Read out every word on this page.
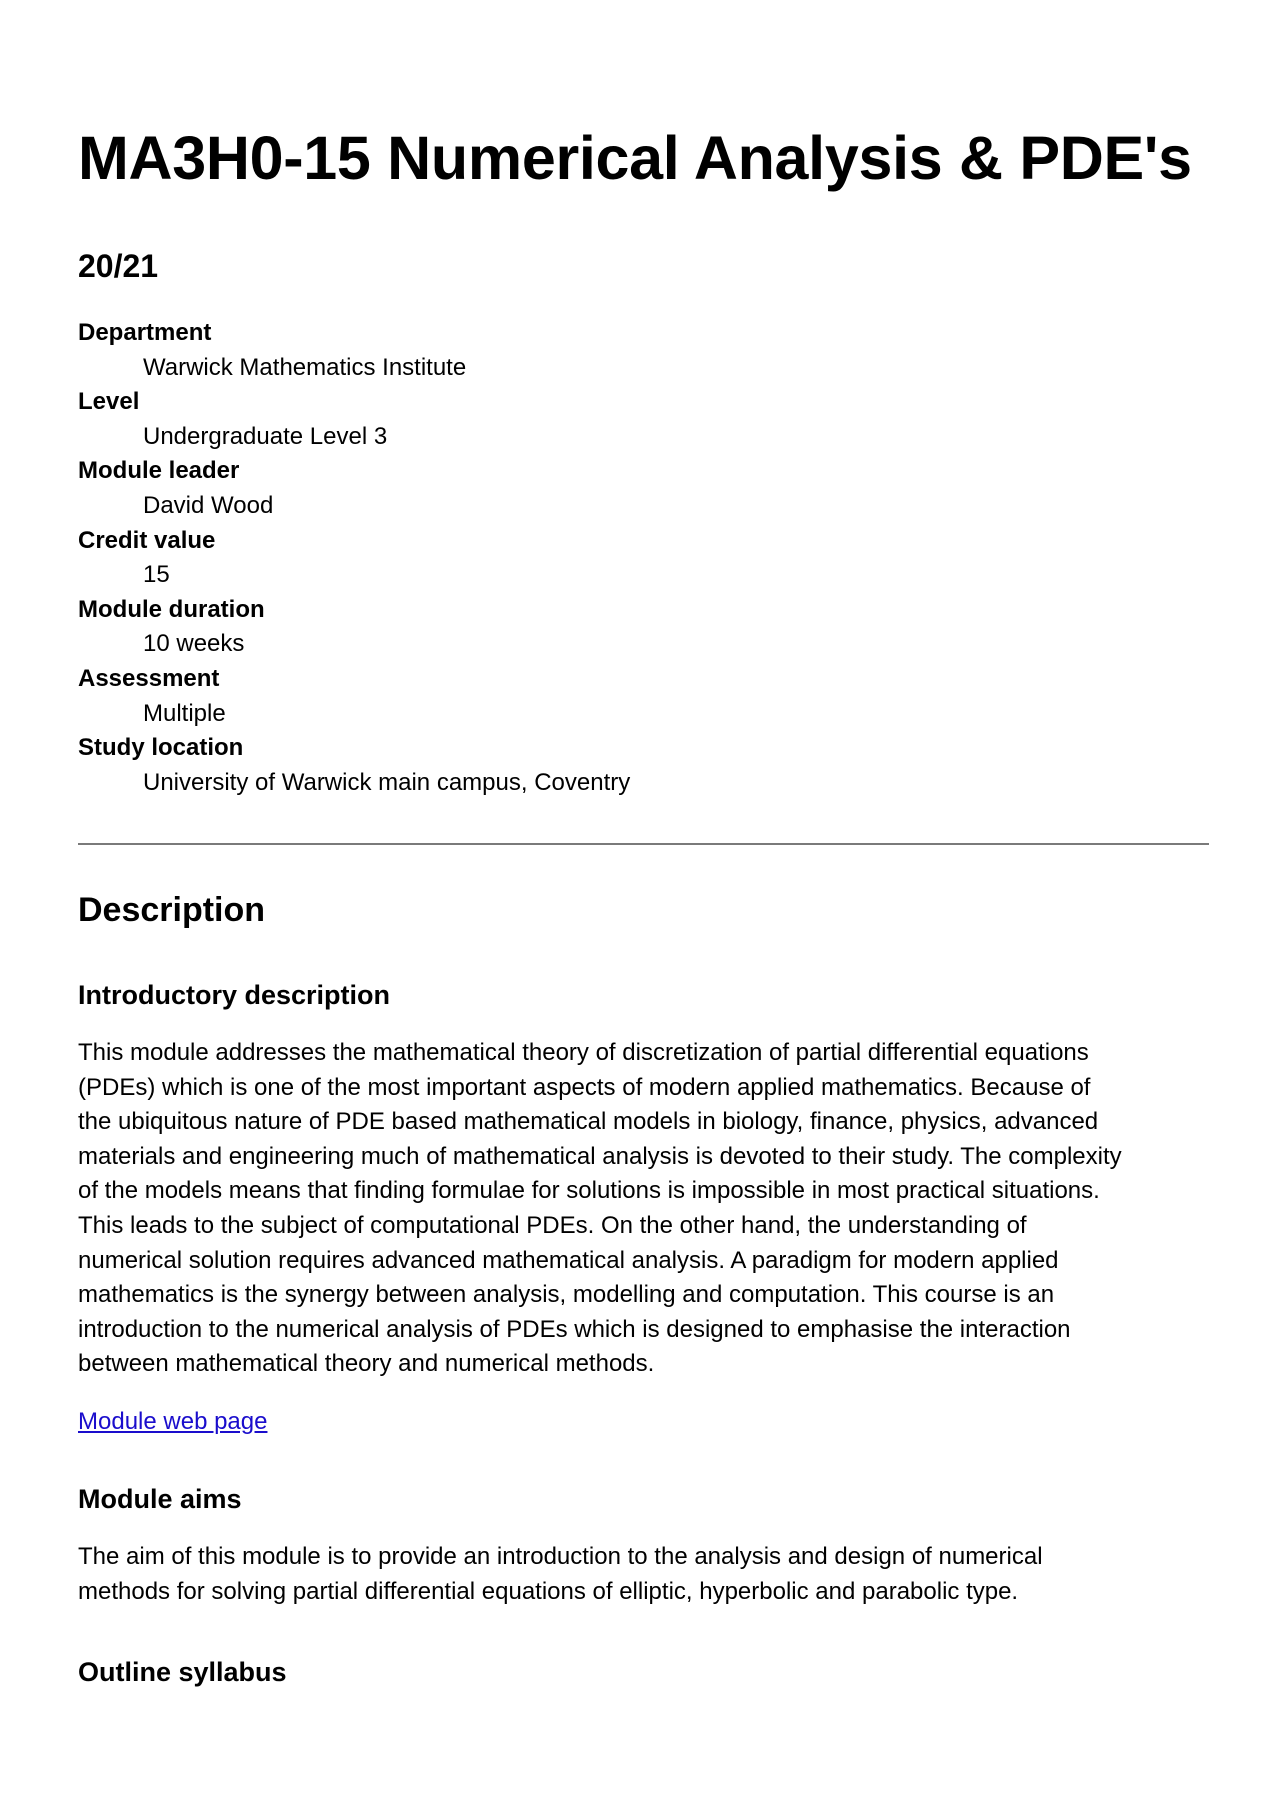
MA3H0-15 Numerical Analysis & PDE's
20/21
Department
Warwick Mathematics Institute
Level
Undergraduate Level 3
Module leader
David Wood
Credit value
15
Module duration
10 weeks
Assessment
Multiple
Study location
University of Warwick main campus, Coventry
Description
Introductory description

This module addresses the mathematical theory of discretization of partial differential equations
(PDEs) which is one of the most important aspects of modern applied mathematics. Because of
the ubiquitous nature of PDE based mathematical models in biology, finance, physics, advanced
materials and engineering much of mathematical analysis is devoted to their study. The complexity
of the models means that finding formulae for solutions is impossible in most practical situations.
This leads to the subject of computational PDEs. On the other hand, the understanding of
numerical solution requires advanced mathematical analysis. A paradigm for modern applied
mathematics is the synergy between analysis, modelling and computation. This course is an
introduction to the numerical analysis of PDEs which is designed to emphasise the interaction
between mathematical theory and numerical methods.

Module web page
Module aims

The aim of this module is to provide an introduction to the analysis and design of numerical
methods for solving partial differential equations of elliptic, hyperbolic and parabolic type.

Outline syllabus
